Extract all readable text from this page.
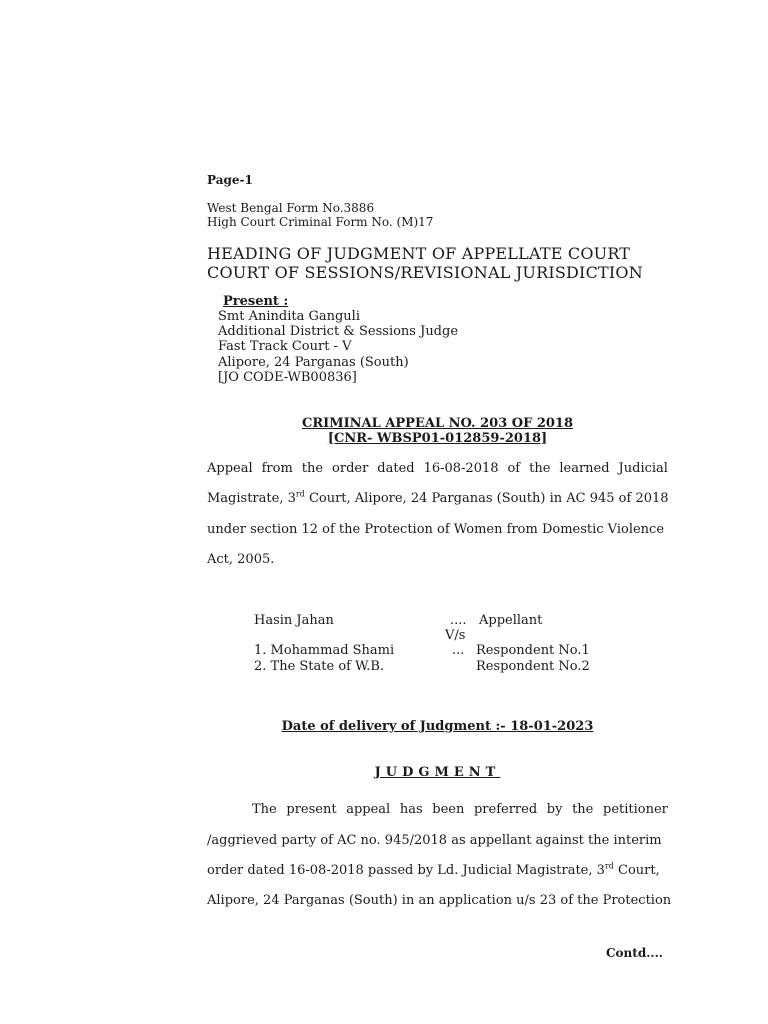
Page-1
West Bengal Form No.3886
High Court Criminal Form No. (M)17
HEADING OF JUDGMENT OF APPELLATE COURT
COURT OF SESSIONS/REVISIONAL JURISDICTION
Present :
Smt Anindita Ganguli
Additional District & Sessions Judge
Fast Track Court - V
Alipore, 24 Parganas (South)
[JO CODE-WB00836]
CRIMINAL APPEAL NO. 203 OF 2018
[CNR- WBSP01-012859-2018]
Appeal from the order dated 16-08-2018 of the learned Judicial
Magistrate, 3rd Court, Alipore, 24 Parganas (South) in AC 945 of 2018
under section 12 of the Protection of Women from Domestic Violence
Act, 2005.
Hasin Jahan	.... Appellant
V/s
1. Mohammad Shami	... Respondent No.1
2. The State of W.B.	Respondent No.2
Date of delivery of Judgment :- 18-01-2023
JUDGMENT
The present appeal has been preferred by the petitioner
/aggrieved party of AC no. 945/2018 as appellant against the interim
order dated 16-08-2018 passed by Ld. Judicial Magistrate, 3rd Court,
Alipore, 24 Parganas (South) in an application u/s 23 of the Protection
Contd....
